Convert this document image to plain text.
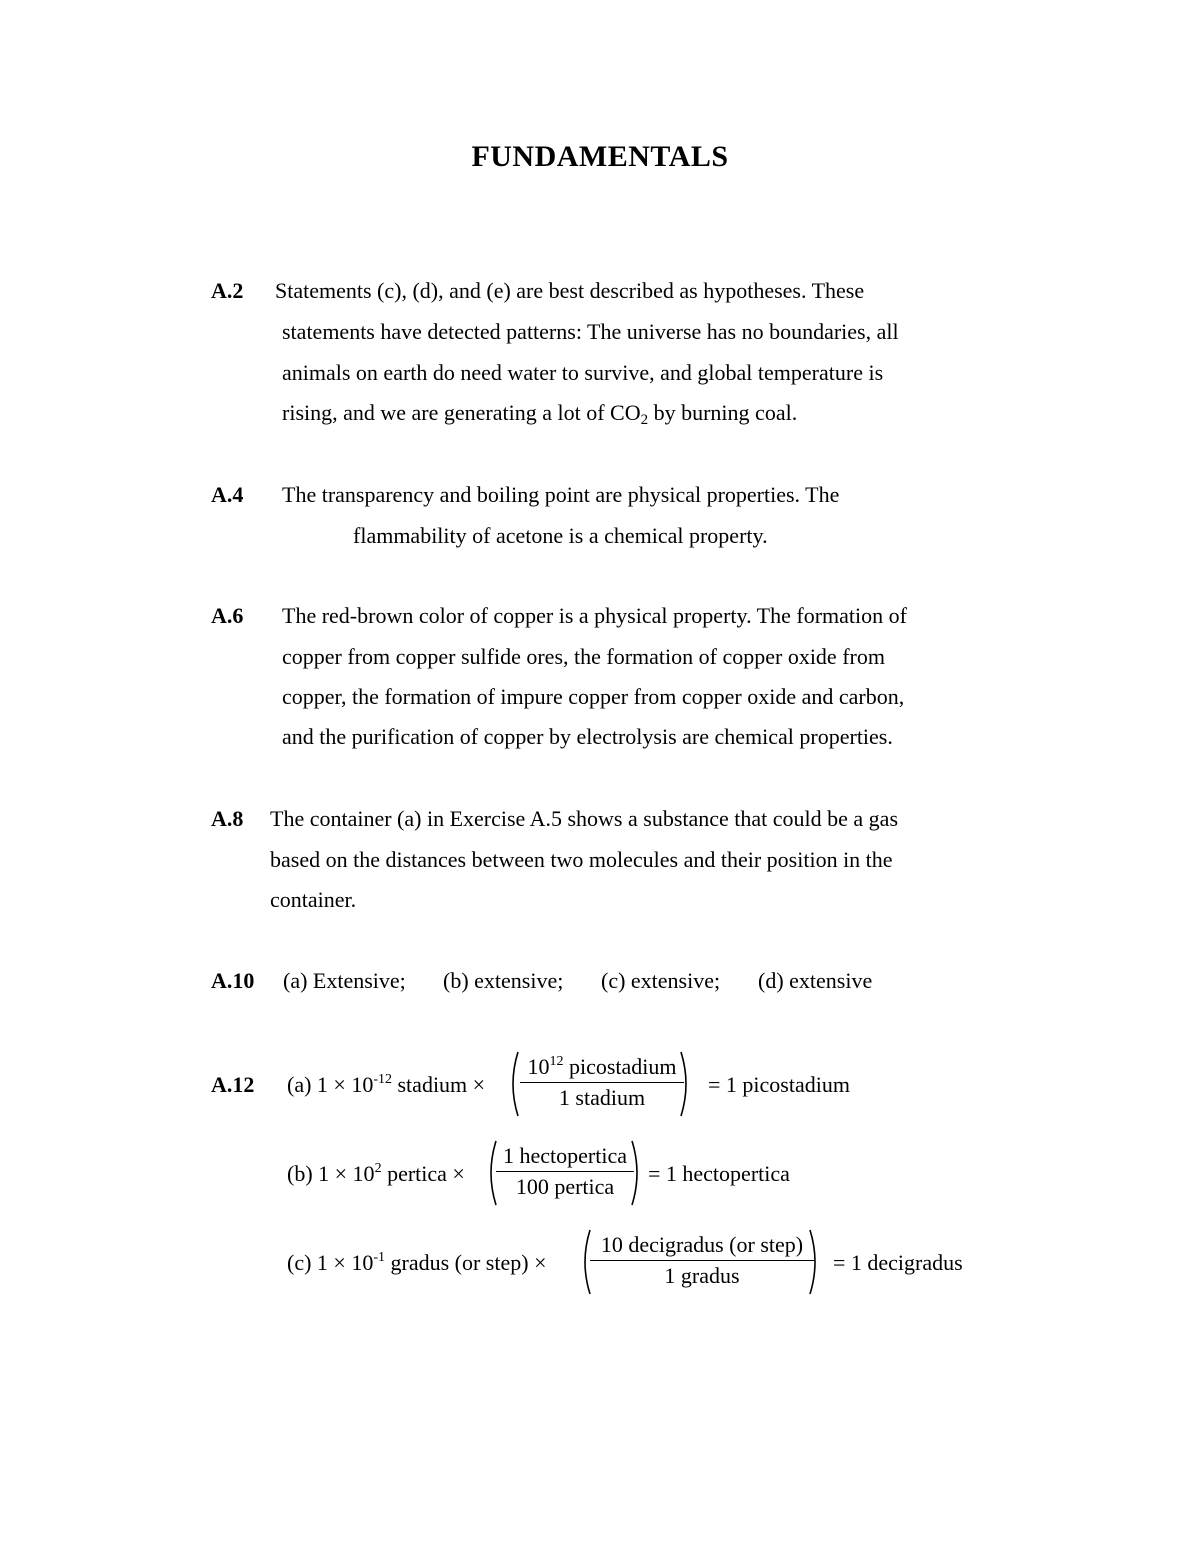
FUNDAMENTALS
A.2 Statements (c), (d), and (e) are best described as hypotheses. These
statements have detected patterns: The universe has no boundaries, all
animals on earth do need water to survive, and global temperature is
rising, and we are generating a lot of $CO_2$ by burning coal.
A.4 The transparency and boiling point are physical properties. The
flammability of acetone is a chemical property.
A.6 The red-brown color of copper is a physical property. The formation of
copper from copper sulfide ores, the formation of copper oxide from
copper, the formation of impure copper from copper oxide and carbon,
and the purification of copper by electrolysis are chemical properties.
A.8 The container (a) in Exercise A.5 shows a substance that could be a gas
based on the distances between two molecules and their position in the
container.
A.10 (a) Extensive; (b) extensive; (c) extensive; (d) extensive
A.12 (a) $1 \times 10^{-12}$ stadium ×
$10^{12}$ picostadium
1 stadium
= 1 picostadium
(b) $1 \times 10^2$ pertica ×
1 hectopertica
100 pertica
= 1 hectopertica
(c) $1 \times 10^{-1}$ gradus (or step) ×
10 decigradus (or step)
1 gradus
= 1 decigradus
